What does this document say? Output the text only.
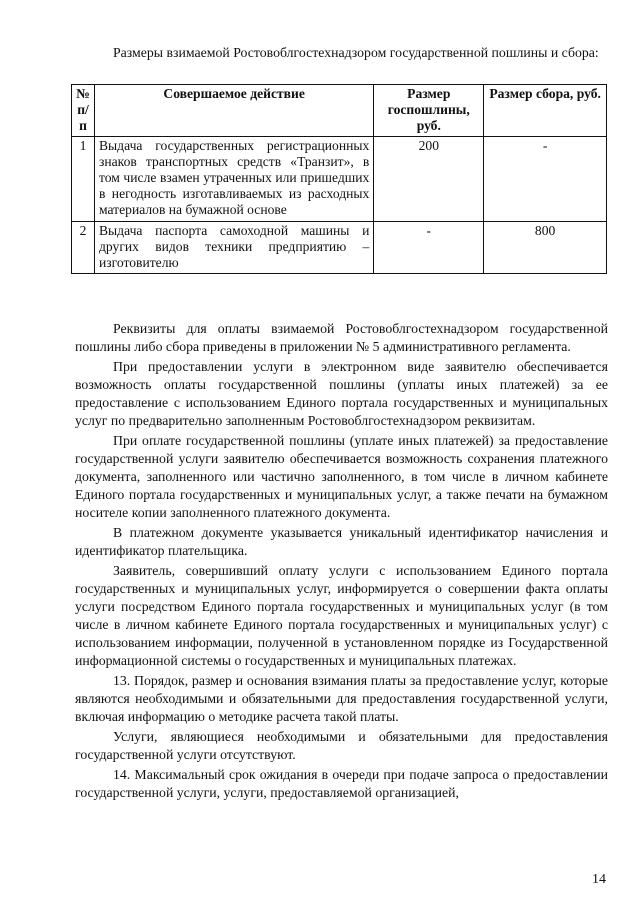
Размеры взимаемой Ростовоблгостехнадзором государственной пошлины и сбора:

№ п/п	Совершаемое действие	Размер госпошлины, руб.	Размер сбора, руб.
1	Выдача государственных регистрационных знаков транспортных средств «Транзит», в том числе взамен утраченных или пришедших в негодность изготавливаемых из расходных материалов на бумажной основе	200	-
2	Выдача паспорта самоходной машины и других видов техники предприятию – изготовителю	-	800

Реквизиты для оплаты взимаемой Ростовоблгостехнадзором государственной пошлины либо сбора приведены в приложении № 5 административного регламента.

При предоставлении услуги в электронном виде заявителю обеспечивается возможность оплаты государственной пошлины (уплаты иных платежей) за ее предоставление с использованием Единого портала государственных и муниципальных услуг по предварительно заполненным Ростовоблгостехнадзором реквизитам.

При оплате государственной пошлины (уплате иных платежей) за предоставление государственной услуги заявителю обеспечивается возможность сохранения платежного документа, заполненного или частично заполненного, в том числе в личном кабинете Единого портала государственных и муниципальных услуг, а также печати на бумажном носителе копии заполненного платежного документа.

В платежном документе указывается уникальный идентификатор начисления и идентификатор плательщика.

Заявитель, совершивший оплату услуги с использованием Единого портала государственных и муниципальных услуг, информируется о совершении факта оплаты услуги посредством Единого портала государственных и муниципальных услуг (в том числе в личном кабинете Единого портала государственных и муниципальных услуг) с использованием информации, полученной в установленном порядке из Государственной информационной системы о государственных и муниципальных платежах.

13. Порядок, размер и основания взимания платы за предоставление услуг, которые являются необходимыми и обязательными для предоставления государственной услуги, включая информацию о методике расчета такой платы.

Услуги, являющиеся необходимыми и обязательными для предоставления государственной услуги отсутствуют.

14. Максимальный срок ожидания в очереди при подаче запроса о предоставлении государственной услуги, услуги, предоставляемой организацией,

14
